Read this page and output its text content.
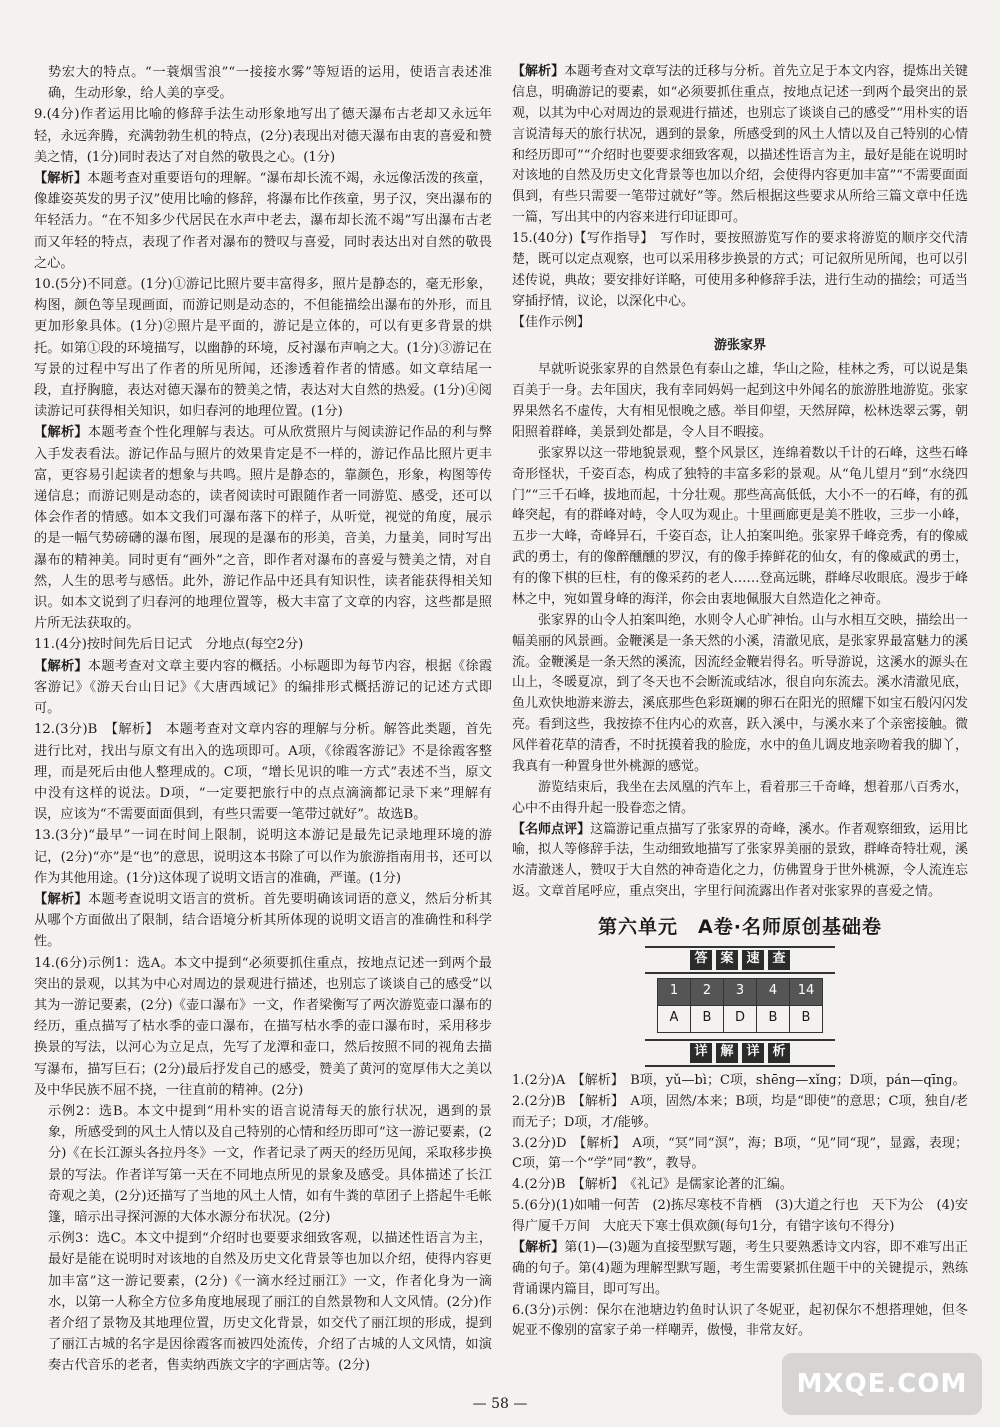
势宏大的特点。“一蓑烟雪浪”“一接接水雾”等短语的运用，使语言表述准确，生动形象，给人美的享受。

9.(4分)作者运用比喻的修辞手法生动形象地写出了德天瀑布古老却又永远年轻，永远奔腾，充满勃勃生机的特点，(2分)表现出对德天瀑布由衷的喜爱和赞美之情，(1分)同时表达了对自然的敬畏之心。(1分)

【解析】本题考查对重要语句的理解。“瀑布却长流不竭，永远像活泼的孩童，像雄姿英发的男子汉”使用比喻的修辞，将瀑布比作孩童，男子汉，突出瀑布的年轻活力。“在不知多少代居民在水声中老去，瀑布却长流不竭”写出瀑布古老而又年轻的特点，表现了作者对瀑布的赞叹与喜爱，同时表达出对自然的敬畏之心。

10.(5分)不同意。(1分)①游记比照片要丰富得多，照片是静态的，毫无形象，构图，颜色等呈现画面，而游记则是动态的，不但能描绘出瀑布的外形，而且更加形象具体。(1分)②照片是平面的，游记是立体的，可以有更多背景的烘托。如第①段的环境描写，以幽静的环境，反衬瀑布声响之大。(1分)③游记在写景的过程中写出了作者的所见所闻，还渗透着作者的情感。如文章结尾一段，直抒胸臆，表达对德天瀑布的赞美之情，表达对大自然的热爱。(1分)④阅读游记可获得相关知识，如归春河的地理位置。(1分)

【解析】本题考查个性化理解与表达。可从欣赏照片与阅读游记作品的利与弊入手发表看法。游记作品与照片的效果肯定是不一样的，游记作品比照片更丰富，更容易引起读者的想象与共鸣。照片是静态的，靠颜色，形象，构图等传递信息；而游记则是动态的，读者阅读时可跟随作者一同游览、感受，还可以体会作者的情感。如本文我们可瀑布落下的样子，从听觉，视觉的角度，展示的是一幅气势磅礴的瀑布图，展现的是瀑布的形美，音美，力量美，同时写出瀑布的精神美。同时更有“画外”之音，即作者对瀑布的喜爱与赞美之情，对自然，人生的思考与感悟。此外，游记作品中还具有知识性，读者能获得相关知识。如本文说到了归春河的地理位置等，极大丰富了文章的内容，这些都是照片所无法获取的。

11.(4分)按时间先后日记式　分地点(每空2分)

【解析】本题考查对文章主要内容的概括。小标题即为每节内容，根据《徐霞客游记》《游天台山日记》《大唐西域记》的编排形式概括游记的记述方式即可。

12.(3分)B　【解析】　本题考查对文章内容的理解与分析。解答此类题，首先进行比对，找出与原文有出入的选项即可。A项，《徐霞客游记》不是徐霞客整理，而是死后由他人整理成的。C项，“增长见识的唯一方式”表述不当，原文中没有这样的说法。D项，“一定要把旅行中的点点滴滴都记录下来”理解有误，应该为“不需要面面俱到，有些只需要一笔带过就好”。故选B。

13.(3分)“最早”一词在时间上限制，说明这本游记是最先记录地理环境的游记，(2分)“亦”是“也”的意思，说明这本书除了可以作为旅游指南用书，还可以作为其他用途。(1分)这体现了说明文语言的准确，严谨。(1分)

【解析】本题考查说明文语言的赏析。首先要明确该词语的意义，然后分析其从哪个方面做出了限制，结合语境分析其所体现的说明文语言的准确性和科学性。

14.(6分)示例1：选A。本文中提到“必须要抓住重点，按地点记述一到两个最突出的景观，以其为中心对周边的景观进行描述，也别忘了谈谈自己的感受”以其为一游记要素，(2分)《壶口瀑布》一文，作者梁衡写了两次游览壶口瀑布的经历，重点描写了枯水季的壶口瀑布，在描写枯水季的壶口瀑布时，采用移步换景的写法，以河心为立足点，先写了龙潭和壶口，然后按照不同的视角去描写瀑布，描写巨石；(2分)最后抒发自己的感受，赞美了黄河的宽厚伟大之美以及中华民族不屈不挠，一往直前的精神。(2分)

示例2：选B。本文中提到“用朴实的语言说清每天的旅行状况，遇到的景象，所感受到的风土人情以及自己特别的心情和经历即可”这一游记要素，(2分)《在长江源头各拉丹冬》一文，作者记录了两天的经历见闻，采取移步换景的写法。作者详写第一天在不同地点所见的景象及感受。具体描述了长江奇观之美，(2分)还描写了当地的风土人情，如有牛粪的草团子上搭起牛毛帐篷，暗示出寻探河源的大体水源分布状况。(2分)

示例3：选C。本文中提到“介绍时也要要求细致客观，以描述性语言为主，最好是能在说明时对该地的自然及历史文化背景等也加以介绍，使得内容更加丰富”这一游记要素，(2分)《一滴水经过丽江》一文，作者化身为一滴水，以第一人称全方位多角度地展现了丽江的自然景物和人文风情。(2分)作者介绍了景物及其地理位置，历史文化背景，如交代了丽江坝的形成，提到了丽江古城的名字是因徐霞客而被四处流传，介绍了古城的人文风情，如演奏古代音乐的老者，售卖纳西族文字的字画店等。(2分)

【解析】本题考查对文章写法的迁移与分析。首先立足于本文内容，提炼出关键信息，明确游记的要素，如“必须要抓住重点，按地点记述一到两个最突出的景观，以其为中心对周边的景观进行描述，也别忘了谈谈自己的感受”“用朴实的语言说清每天的旅行状况，遇到的景象，所感受到的风土人情以及自己特别的心情和经历即可”“介绍时也要要求细致客观，以描述性语言为主，最好是能在说明时对该地的自然及历史文化背景等也加以介绍，会使得内容更加丰富”“不需要面面俱到，有些只需要一笔带过就好”等。然后根据这些要求从所给三篇文章中任选一篇，写出其中的内容来进行印证即可。

15.(40分)【写作指导】　写作时，要按照游览写作的要求将游览的顺序交代清楚，既可以定点观察，也可以采用移步换景的方式；可记叙所见所闻，也可以引述传说，典故；要安排好详略，可使用多种修辞手法，进行生动的描绘；可适当穿插抒情，议论，以深化中心。

【佳作示例】

游张家界

早就听说张家界的自然景色有泰山之雄，华山之险，桂林之秀，可以说是集百美于一身。去年国庆，我有幸同妈妈一起到这中外闻名的旅游胜地游览。张家界果然名不虚传，大有相见恨晚之感。举目仰望，天然屏障，松林迭翠云雾，朝阳照着群峰，美景到处都是，令人目不暇接。

张家界以这一带地貌景观，整个风景区，连绵着数以千计的石峰，这些石峰奇形怪状，千姿百态，构成了独特的丰富多彩的景观。从“龟儿望月”到“水绕四门”“三千石峰，拔地而起，十分壮观。那些高高低低，大小不一的石峰，有的孤峰突起，有的群峰对峙，令人叹为观止。十里画廊更是美不胜收，三步一小峰，五步一大峰，奇峰异石，千姿百态，让人拍案叫绝。张家界千峰竞秀，有的像威武的勇士，有的像醉醺醺的罗汉，有的像手捧鲜花的仙女，有的像威武的勇士，有的像下棋的巨柱，有的像采药的老人……登高远眺，群峰尽收眼底。漫步于峰林之中，宛如置身峰的海洋，你会由衷地佩服大自然造化之神奇。

张家界的山令人拍案叫绝，水则令人心旷神怡。山与水相互交映，描绘出一幅美丽的风景画。金鞭溪是一条天然的小溪，清澈见底，是张家界最富魅力的溪流。金鞭溪是一条天然的溪流，因流经金鞭岩得名。听导游说，这溪水的源头在山上，冬暖夏凉，到了冬天也不会断流或结冰，很自向东流去。溪水清澈见底，鱼儿欢快地游来游去，溪底那些色彩斑斓的卵石在阳光的照耀下如宝石般闪闪发亮。看到这些，我按捺不住内心的欢喜，跃入溪中，与溪水来了个亲密接触。微风伴着花草的清香，不时抚摸着我的脸庞，水中的鱼儿调皮地亲吻着我的脚丫，我真有一种置身世外桃源的感觉。

游览结束后，我坐在去凤凰的汽车上，看着那三千奇峰，想着那八百秀水，心中不由得升起一股眷恋之情。

【名师点评】这篇游记重点描写了张家界的奇峰，溪水。作者观察细致，运用比喻，拟人等修辞手法，生动细致地描写了张家界美丽的景致，群峰奇特壮观，溪水清澈迷人，赞叹于大自然的神奇造化之力，仿佛置身于世外桃源，令人流连忘返。文章首尾呼应，重点突出，字里行间流露出作者对张家界的喜爱之情。

第六单元　A卷·名师原创基础卷
答 案 速 查
1	2	3	4	14
A	B	D	B	B
详 解 详 析

1.(2分)A　【解析】　B项，yǔ—bì；C项，shēng—xǐng；D项，pán—qīng。

2.(2分)B　【解析】　A项，固然/本来；B项，均是“即使”的意思；C项，独自/老而无子；D项，才/能够。

3.(2分)D　【解析】　A项，“冥”同“溟”，海；B项，“见”同“现”，显露，表现；C项，第一个“学”同“教”，教导。

4.(2分)B　【解析】　《礼记》是儒家论著的汇编。

5.(6分)(1)如哺一何苦　(2)拣尽寒枝不肯栖　(3)大道之行也　天下为公　(4)安得广厦千万间　大庇天下寒士俱欢颜(每句1分，有错字该句不得分)

【解析】第(1)—(3)题为直接型默写题，考生只要熟悉诗文内容，即不难写出正确的句子。第(4)题为理解型默写题，考生需要紧抓住题干中的关键提示，熟练背诵课内篇目，即可写出。

6.(3分)示例：保尔在池塘边钓鱼时认识了冬妮亚，起初保尔不想搭理她，但冬妮亚不像别的富家子弟一样嘲弄，傲慢，非常友好。

— 58 —
MXQE.COM
